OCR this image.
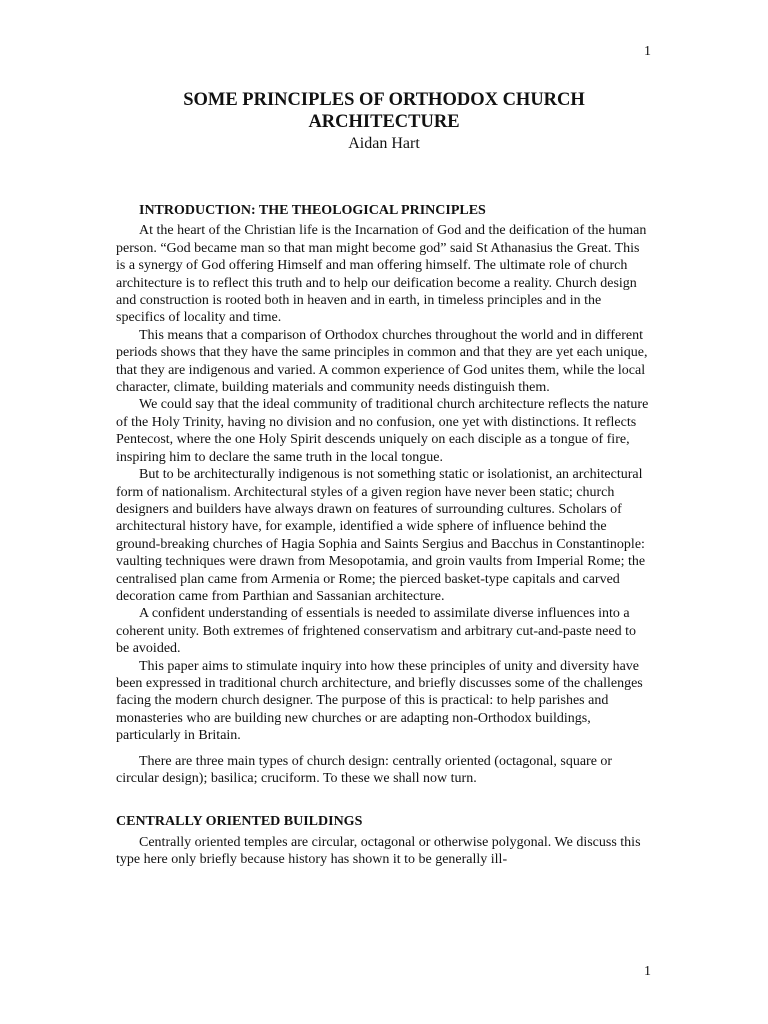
1
SOME PRINCIPLES OF ORTHODOX CHURCH
ARCHITECTURE
Aidan Hart

INTRODUCTION: THE THEOLOGICAL PRINCIPLES

At the heart of the Christian life is the Incarnation of God and the deification of the human person. “God became man so that man might become god” said St Athanasius the Great. This is a synergy of God offering Himself and man offering himself. The ultimate role of church architecture is to reflect this truth and to help our deification become a reality. Church design and construction is rooted both in heaven and in earth, in timeless principles and in the specifics of locality and time.

This means that a comparison of Orthodox churches throughout the world and in different periods shows that they have the same principles in common and that they are yet each unique, that they are indigenous and varied. A common experience of God unites them, while the local character, climate, building materials and community needs distinguish them.

We could say that the ideal community of traditional church architecture reflects the nature of the Holy Trinity, having no division and no confusion, one yet with distinctions. It reflects Pentecost, where the one Holy Spirit descends uniquely on each disciple as a tongue of fire, inspiring him to declare the same truth in the local tongue.

But to be architecturally indigenous is not something static or isolationist, an architectural form of nationalism. Architectural styles of a given region have never been static; church designers and builders have always drawn on features of surrounding cultures. Scholars of architectural history have, for example, identified a wide sphere of influence behind the ground-breaking churches of Hagia Sophia and Saints Sergius and Bacchus in Constantinople: vaulting techniques were drawn from Mesopotamia, and groin vaults from Imperial Rome; the centralised plan came from Armenia or Rome; the pierced basket-type capitals and carved decoration came from Parthian and Sassanian architecture.

A confident understanding of essentials is needed to assimilate diverse influences into a coherent unity. Both extremes of frightened conservatism and arbitrary cut-and-paste need to be avoided.

This paper aims to stimulate inquiry into how these principles of unity and diversity have been expressed in traditional church architecture, and briefly discusses some of the challenges facing the modern church designer. The purpose of this is practical: to help parishes and monasteries who are building new churches or are adapting non-Orthodox buildings, particularly in Britain.

There are three main types of church design: centrally oriented (octagonal, square or circular design); basilica; cruciform. To these we shall now turn.

CENTRALLY ORIENTED BUILDINGS

Centrally oriented temples are circular, octagonal or otherwise polygonal. We discuss this type here only briefly because history has shown it to be generally ill-

1
